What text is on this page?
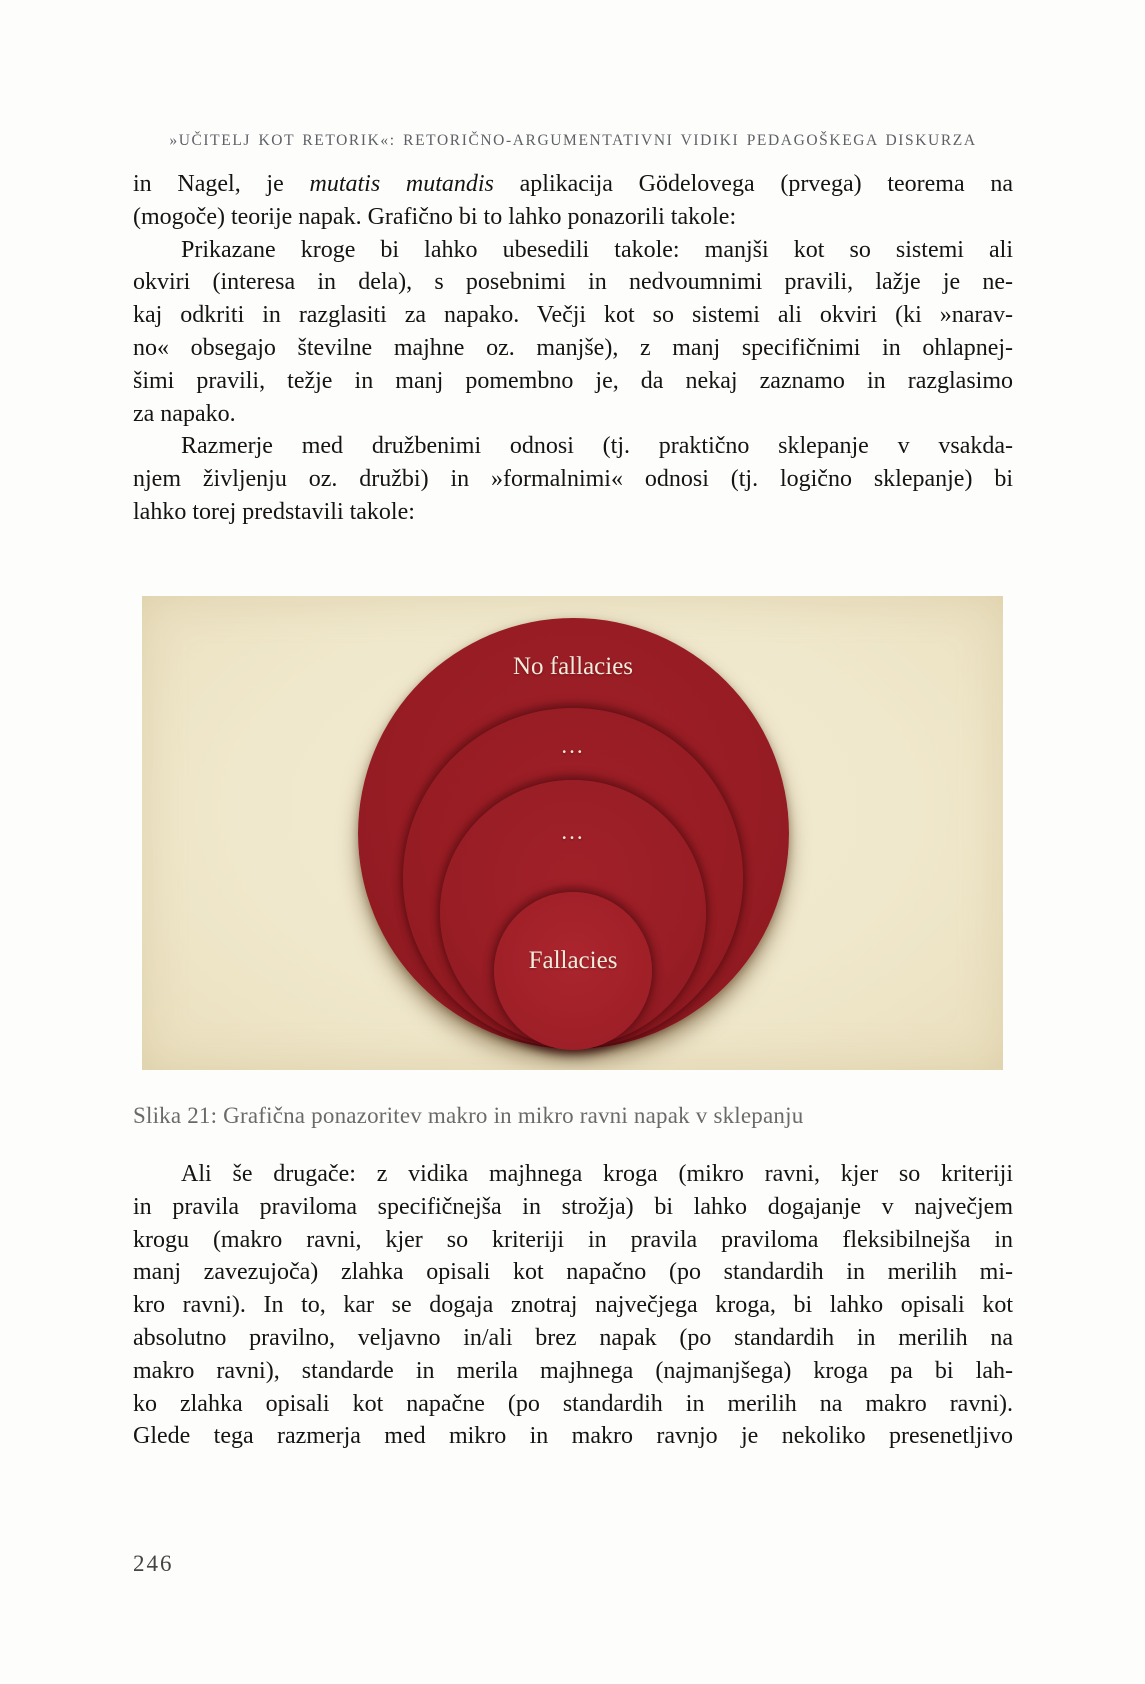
»UČITELJ KOT RETORIK«: RETORIČNO-ARGUMENTATIVNI VIDIKI PEDAGOŠKEGA DISKURZA
in Nagel, je mutatis mutandis aplikacija Gödelovega (prvega) teorema na
(mogoče) teorije napak. Grafično bi to lahko ponazorili takole:
Prikazane kroge bi lahko ubesedili takole: manjši kot so sistemi ali
okviri (interesa in dela), s posebnimi in nedvoumnimi pravili, lažje je ne-
kaj odkriti in razglasiti za napako. Večji kot so sistemi ali okviri (ki »narav-
no« obsegajo številne majhne oz. manjše), z manj specifičnimi in ohlapnej-
šimi pravili, težje in manj pomembno je, da nekaj zaznamo in razglasimo
za napako.
Razmerje med družbenimi odnosi (tj. praktično sklepanje v vsakda-
njem življenju oz. družbi) in »formalnimi« odnosi (tj. logično sklepanje) bi
lahko torej predstavili takole:
No fallacies
...
...
Fallacies
Slika 21: Grafična ponazoritev makro in mikro ravni napak v sklepanju
Ali še drugače: z vidika majhnega kroga (mikro ravni, kjer so kriteriji
in pravila praviloma specifičnejša in strožja) bi lahko dogajanje v največjem
krogu (makro ravni, kjer so kriteriji in pravila praviloma fleksibilnejša in
manj zavezujoča) zlahka opisali kot napačno (po standardih in merilih mi-
kro ravni). In to, kar se dogaja znotraj največjega kroga, bi lahko opisali kot
absolutno pravilno, veljavno in/ali brez napak (po standardih in merilih na
makro ravni), standarde in merila majhnega (najmanjšega) kroga pa bi lah-
ko zlahka opisali kot napačne (po standardih in merilih na makro ravni).
Glede tega razmerja med mikro in makro ravnjo je nekoliko presenetljivo
246
